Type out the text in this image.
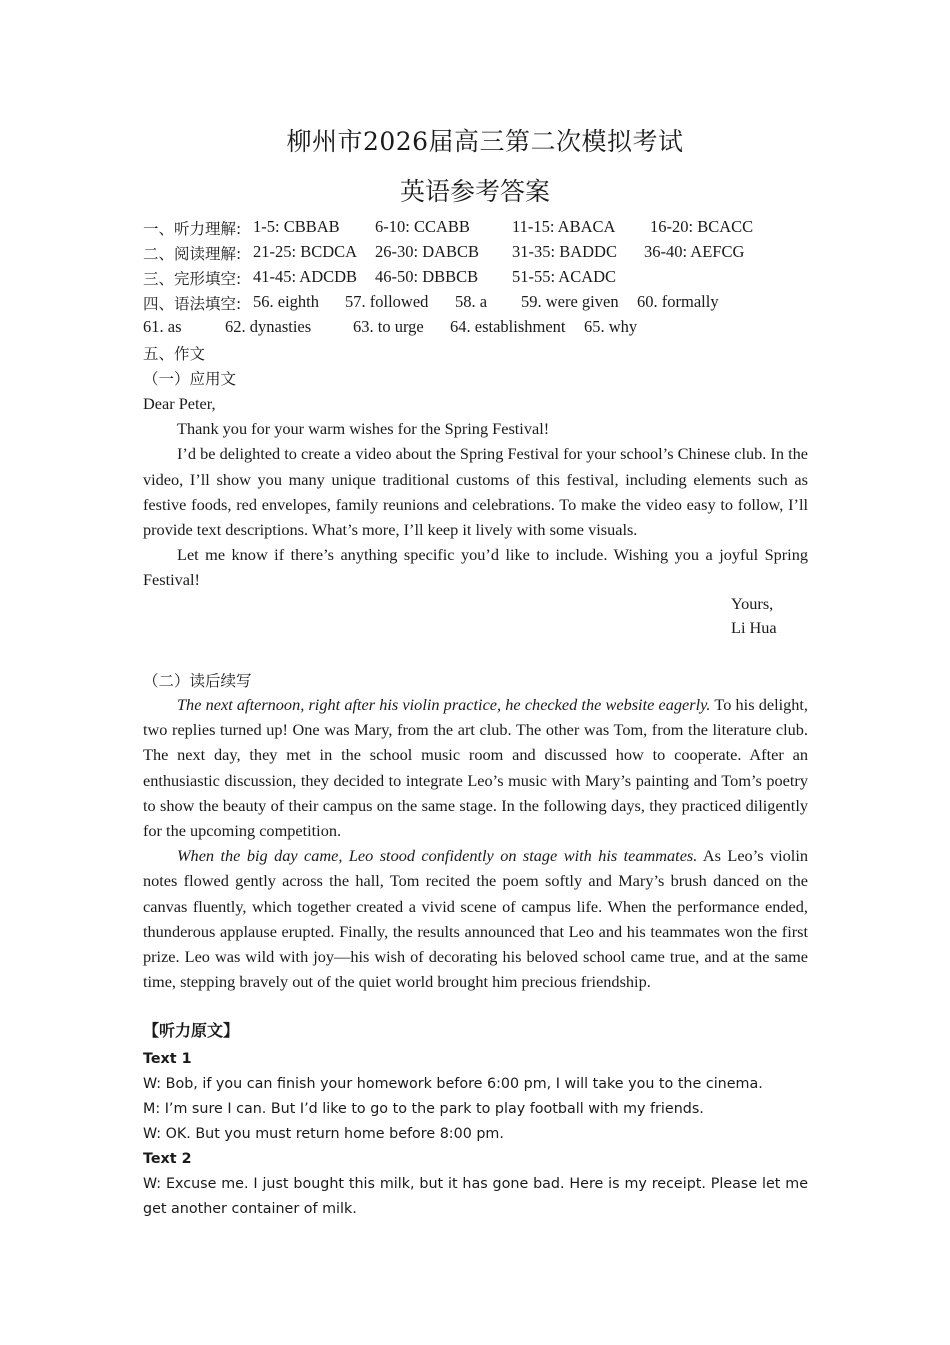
柳州市2026届高三第二次模拟考试
英语参考答案
一、听力理解: 1-5: CBBAB 6-10: CCABB	11-15: ABACA 16-20: BCACC
二、阅读理解: 21-25: BCDCA 26-30: DABCB 31-35: BADDC 36-40: AEFCG
三、完形填空: 41-45: ADCDB 46-50: DBBCB 51-55: ACADC
四、语法填空: 56. eighth 57. followed 58. a 59. were given 60. formally
61. as	62. dynasties	63. to urge 64. establishment 65. why
五、作文
（一）应用文

Dear Peter,

Thank you for your warm wishes for the Spring Festival!

I’d be delighted to create a video about the Spring Festival for your school’s Chinese club. In the video, I’ll show you many unique traditional customs of this festival, including elements such as festive foods, red envelopes, family reunions and celebrations. To make the video easy to follow, I’ll provide text descriptions. What’s more, I’ll keep it lively with some visuals.

Let me know if there’s anything specific you’d like to include. Wishing you a joyful Spring Festival!

Yours,
Li Hua
（二）读后续写

The next afternoon, right after his violin practice, he checked the website eagerly. To his delight, two replies turned up! One was Mary, from the art club. The other was Tom, from the literature club. The next day, they met in the school music room and discussed how to cooperate. After an enthusiastic discussion, they decided to integrate Leo’s music with Mary’s painting and Tom’s poetry to show the beauty of their campus on the same stage. In the following days, they practiced diligently for the upcoming competition.

When the big day came, Leo stood confidently on stage with his teammates. As Leo’s violin notes flowed gently across the hall, Tom recited the poem softly and Mary’s brush danced on the canvas fluently, which together created a vivid scene of campus life. When the performance ended, thunderous applause erupted. Finally, the results announced that Leo and his teammates won the first prize. Leo was wild with joy—his wish of decorating his beloved school came true, and at the same time, stepping bravely out of the quiet world brought him precious friendship.

【听力原文】

Text 1

W: Bob, if you can finish your homework before 6:00 pm, I will take you to the cinema.

M: I’m sure I can. But I’d like to go to the park to play football with my friends.

W: OK. But you must return home before 8:00 pm.

Text 2

W: Excuse me. I just bought this milk, but it has gone bad. Here is my receipt. Please let me get another container of milk.
